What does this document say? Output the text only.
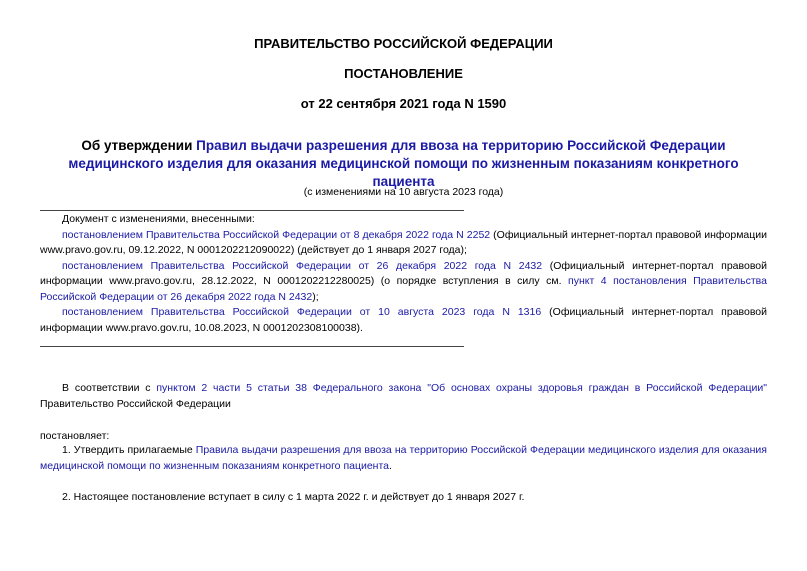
ПРАВИТЕЛЬСТВО РОССИЙСКОЙ ФЕДЕРАЦИИ
ПОСТАНОВЛЕНИЕ
от 22 сентября 2021 года N 1590
Об утверждении Правил выдачи разрешения для ввоза на территорию Российской Федерации медицинского изделия для оказания медицинской помощи по жизненным показаниям конкретного пациента
(с изменениями на 10 августа 2023 года)
Документ с изменениями, внесенными:
постановлением Правительства Российской Федерации от 8 декабря 2022 года N 2252 (Официальный интернет-портал правовой информации www.pravo.gov.ru, 09.12.2022, N 0001202212090022) (действует до 1 января 2027 года);
постановлением Правительства Российской Федерации от 26 декабря 2022 года N 2432 (Официальный интернет-портал правовой информации www.pravo.gov.ru, 28.12.2022, N 0001202212280025) (о порядке вступления в силу см. пункт 4 постановления Правительства Российской Федерации от 26 декабря 2022 года N 2432);
постановлением Правительства Российской Федерации от 10 августа 2023 года N 1316 (Официальный интернет-портал правовой информации www.pravo.gov.ru, 10.08.2023, N 0001202308100038).
В соответствии с пунктом 2 части 5 статьи 38 Федерального закона "Об основах охраны здоровья граждан в Российской Федерации" Правительство Российской Федерации
постановляет:
1. Утвердить прилагаемые Правила выдачи разрешения для ввоза на территорию Российской Федерации медицинского изделия для оказания медицинской помощи по жизненным показаниям конкретного пациента.
2. Настоящее постановление вступает в силу с 1 марта 2022 г. и действует до 1 января 2027 г.
